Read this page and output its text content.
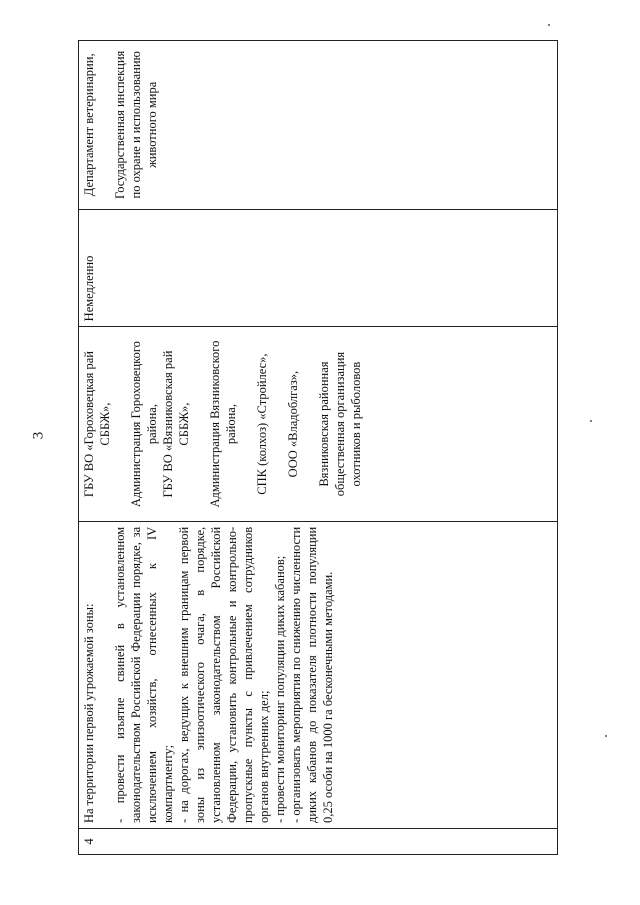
3
4
На территории первой угрожаемой зоны: - провести изъятие свиней в установленном законодательством Российской Федерации порядке, за исключением хозяйств, отнесенных к IV компартменту; - на дорогах, ведущих к внешним границам первой зоны из эпизоотического очага, в порядке, установленном законодательством Российской Федерации, установить контрольные и контрольно-пропускные пункты с привлечением сотрудников органов внутренних дел; - провести мониторинг популяции диких кабанов; - организовать мероприятия по снижению численности диких кабанов до показателя плотности популяции 0,25 особи на 1000 га бесконечными методами.
ГБУ ВО «Гороховецкая рай СББЖ», Администрация Гороховецкого района, ГБУ ВО «Вязниковская рай СББЖ», Администрация Вязниковского района, СПК (колхоз) «Стройлес», ООО «Владоблгаз», Вязниковская районная общественная организация охотников и рыболовов
Немедленно
Департамент ветеринарии, Государственная инспекция по охране и использованию животного мира
